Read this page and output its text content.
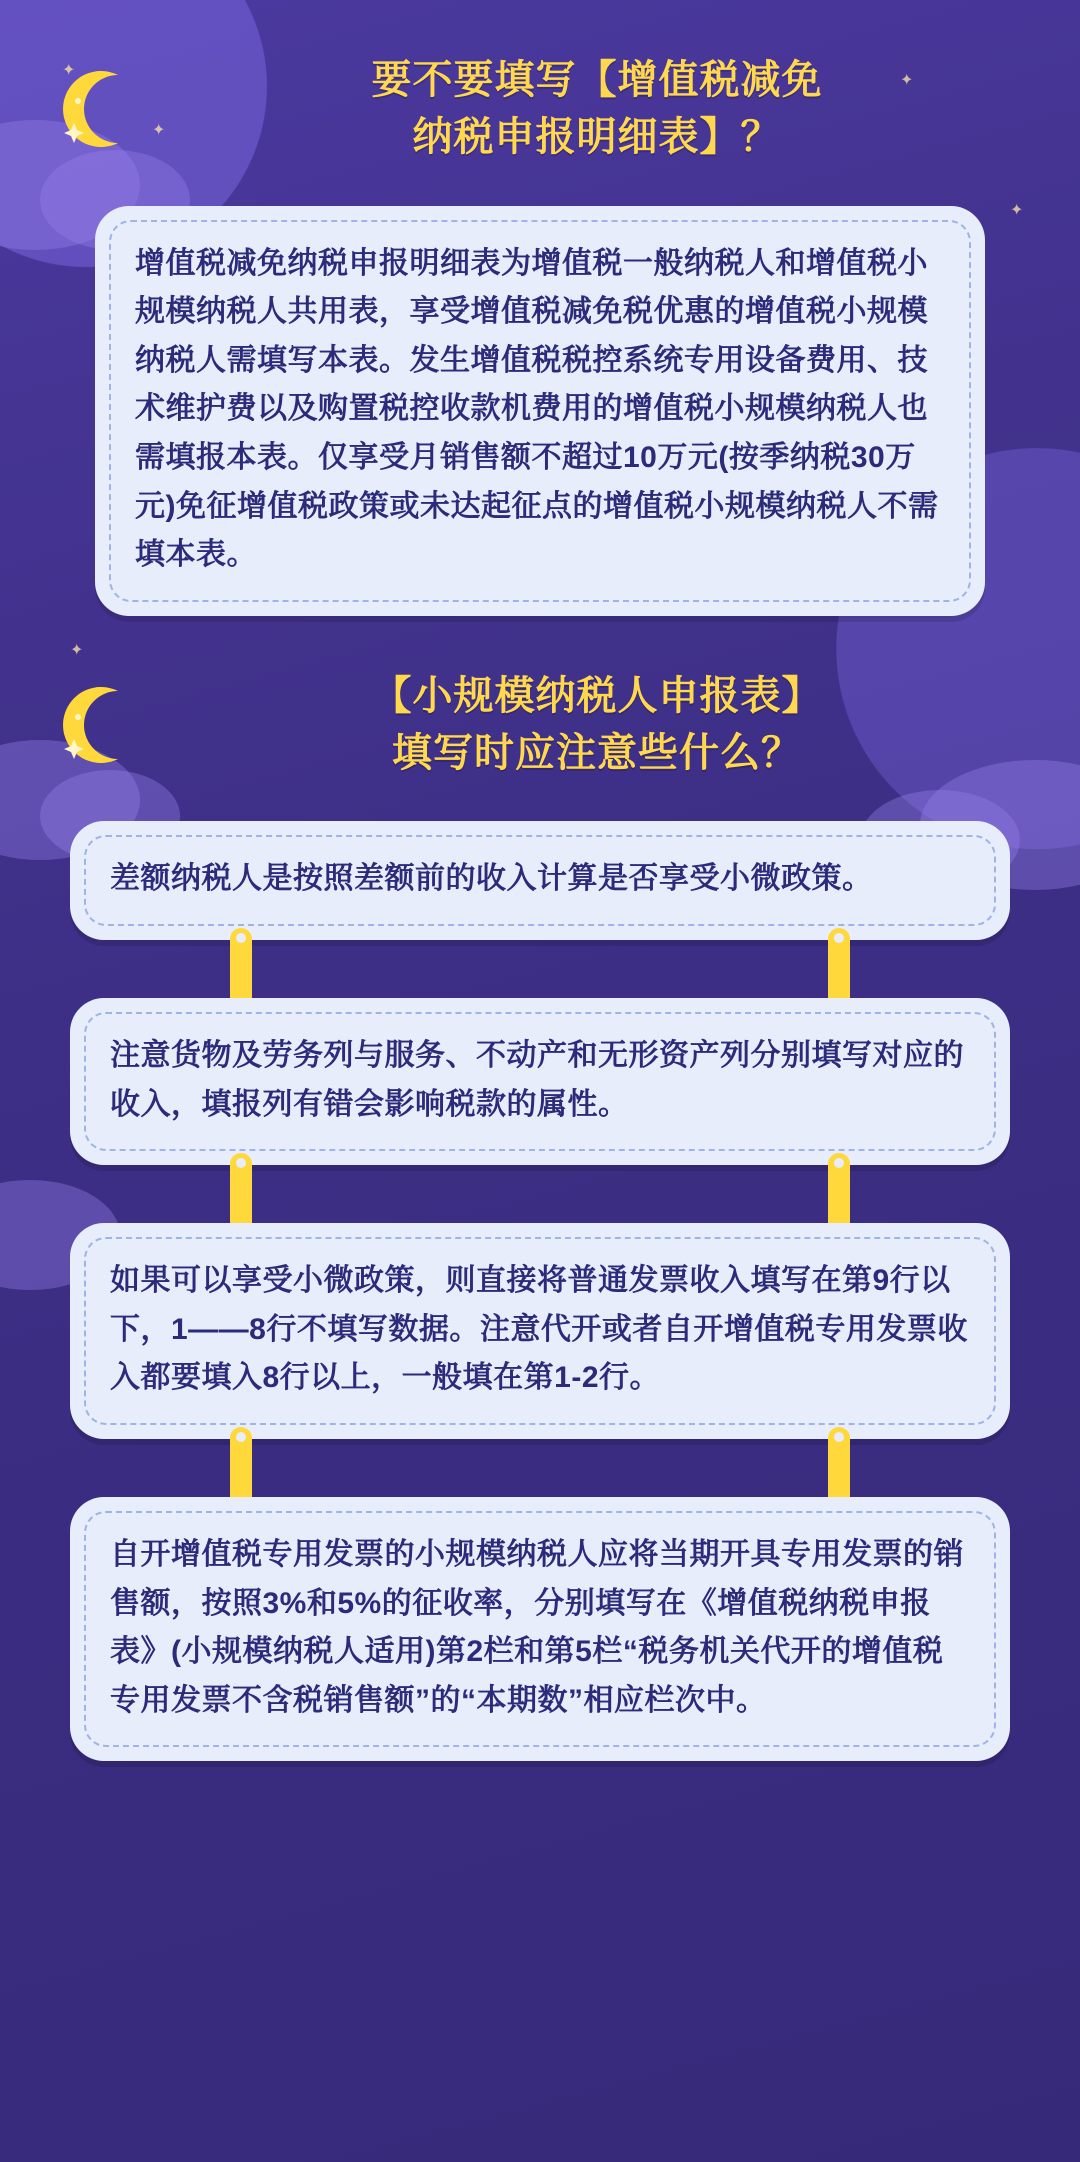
✦
✦
✦
✦
✦
要不要填写【增值税减免
纳税申报明细表】？

增值税减免纳税申报明细表为增值税一般纳税人和增值税小规模纳税人共用表，享受增值税减免税优惠的增值税小规模纳税人需填写本表。发生增值税税控系统专用设备费用、技术维护费以及购置税控收款机费用的增值税小规模纳税人也需填报本表。仅享受月销售额不超过10万元(按季纳税30万元)免征增值税政策或未达起征点的增值税小规模纳税人不需填本表。

【小规模纳税人申报表】
填写时应注意些什么？

差额纳税人是按照差额前的收入计算是否享受小微政策。

注意货物及劳务列与服务、不动产和无形资产列分别填写对应的收入，填报列有错会影响税款的属性。

如果可以享受小微政策，则直接将普通发票收入填写在第9行以下，1——8行不填写数据。注意代开或者自开增值税专用发票收入都要填入8行以上，一般填在第1-2行。

自开增值税专用发票的小规模纳税人应将当期开具专用发票的销售额，按照3%和5%的征收率，分别填写在《增值税纳税申报表》(小规模纳税人适用)第2栏和第5栏“税务机关代开的增值税专用发票不含税销售额”的“本期数”相应栏次中。
